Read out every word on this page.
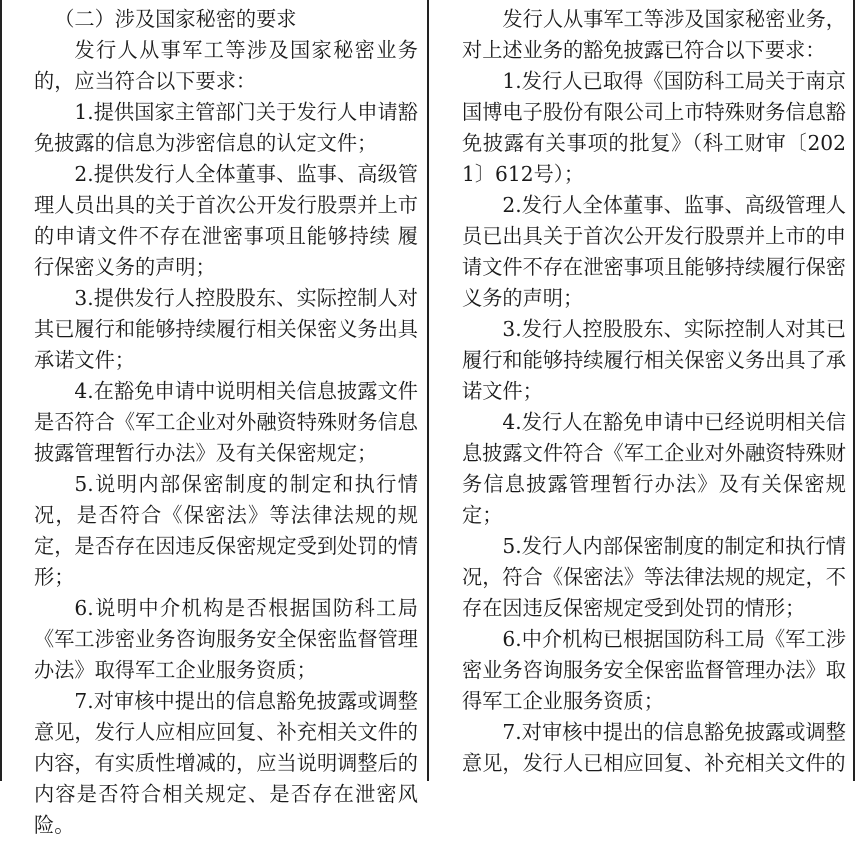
（二）涉及国家秘密的要求

发行人从事军工等涉及国家秘密业务的，应当符合以下要求：

1.提供国家主管部门关于发行人申请豁免披露的信息为涉密信息的认定文件；

2.提供发行人全体董事、监事、高级管理人员出具的关于首次公开发行股票并上市的申请文件不存在泄密事项且能够持续 履行保密义务的声明；

3.提供发行人控股股东、实际控制人对其已履行和能够持续履行相关保密义务出具承诺文件；

4.在豁免申请中说明相关信息披露文件是否符合《军工企业对外融资特殊财务信息披露管理暂行办法》及有关保密规定；

5.说明内部保密制度的制定和执行情况，是否符合《保密法》等法律法规的规定，是否存在因违反保密规定受到处罚的情形；

6.说明中介机构是否根据国防科工局《军工涉密业务咨询服务安全保密监督管理办法》取得军工企业服务资质；

7.对审核中提出的信息豁免披露或调整意见，发行人应相应回复、补充相关文件的内容，有实质性增减的，应当说明调整后的内容是否符合相关规定、是否存在泄密风险。

发行人从事军工等涉及国家秘密业务，对上述业务的豁免披露已符合以下要求：

1.发行人已取得《国防科工局关于南京国博电子股份有限公司上市特殊财务信息豁免披露有关事项的批复》（科工财审〔2021〕612号）；

2.发行人全体董事、监事、高级管理人员已出具关于首次公开发行股票并上市的申请文件不存在泄密事项且能够持续履行保密义务的声明；

3.发行人控股股东、实际控制人对其已履行和能够持续履行相关保密义务出具了承诺文件；

4.发行人在豁免申请中已经说明相关信息披露文件符合《军工企业对外融资特殊财务信息披露管理暂行办法》及有关保密规定；

5.发行人内部保密制度的制定和执行情况，符合《保密法》等法律法规的规定，不存在因违反保密规定受到处罚的情形；

6.中介机构已根据国防科工局《军工涉密业务咨询服务安全保密监督管理办法》取得军工企业服务资质；

7.对审核中提出的信息豁免披露或调整意见，发行人已相应回复、补充相关文件的
